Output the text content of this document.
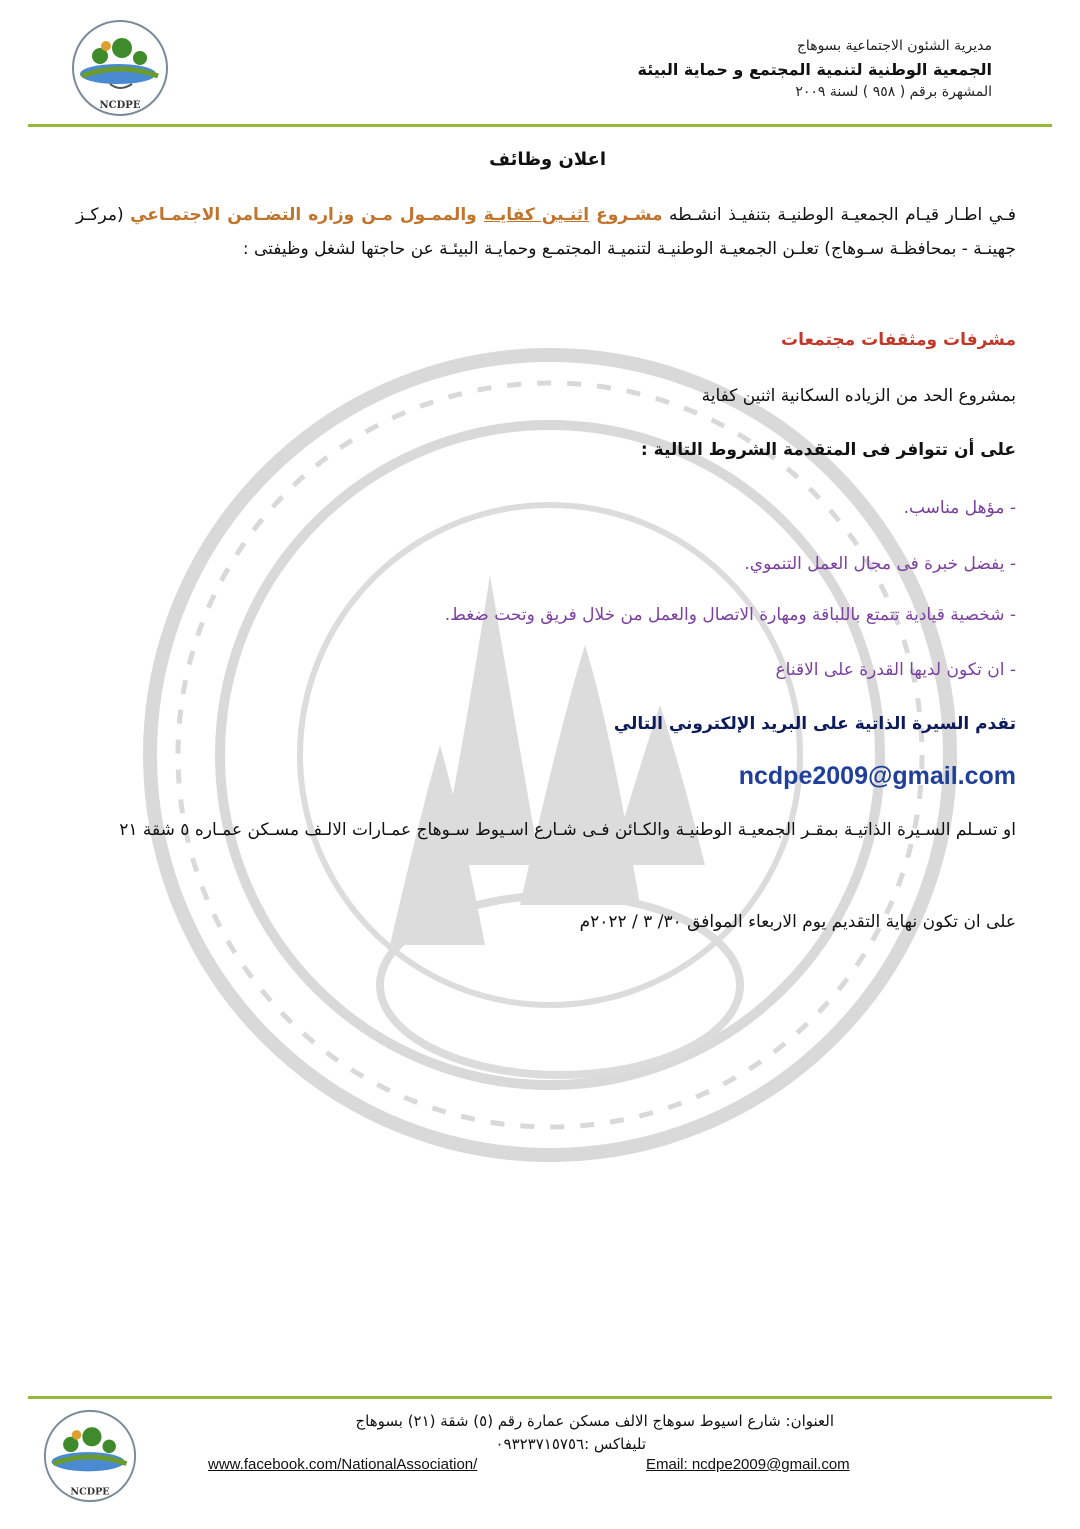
مديرية الشئون الاجتماعية بسوهاج
الجمعية الوطنية لتنمية المجتمع و حماية البيئة
المشهرة برقم ( ٩٥٨ ) لسنة ٢٠٠٩
NCDPE
اعلان وظائف
فـي اطـار قيـام الجمعيـة الوطنيـة بتنفيـذ انشـطه مشـروع اثنـين كفايـة والممـول مـن وزاره التضـامن الاجتمـاعي (مركـز جهينـة - بمحافظـة سـوهاج) تعلـن الجمعيـة الوطنيـة لتنميـة المجتمـع وحمايـة البيئـة عن حاجتها لشغل وظيفتى :
مشرفات ومثقفات مجتمعات
بمشروع الحد من الزياده السكانية اثنين كفاية
على أن تتوافر فى المتقدمة الشروط التالية :
- مؤهل مناسب.
- يفضل خبرة فى مجال العمل التنموي.
- شخصية قيادية تتمتع باللباقة ومهارة الاتصال والعمل من خلال فريق وتحت ضغط.
- ان تكون لديها القدرة على الاقناع
تقدم السيرة الذاتية على البريد الإلكتروني التالي
ncdpe2009@gmail.com
او تسـلم السـيرة الذاتيـة بمقـر الجمعيـة الوطنيـة والكـائن فـى شـارع اسـيوط سـوهاج عمـارات الالـف مسـكن عمـاره ٥ شقة ٢١
على ان تكون نهاية التقديم يوم الاربعاء الموافق ٣٠/ ٣ / ٢٠٢٢م
العنوان: شارع اسيوط سوهاج الالف مسكن عمارة رقم (٥) شقة (٢١) بسوهاج
تليفاكس :٠٩٣٢٣٧١٥٧٥٦
www.facebook.com/NationalAssociation/	Email: ncdpe2009@gmail.com
NCDPE
